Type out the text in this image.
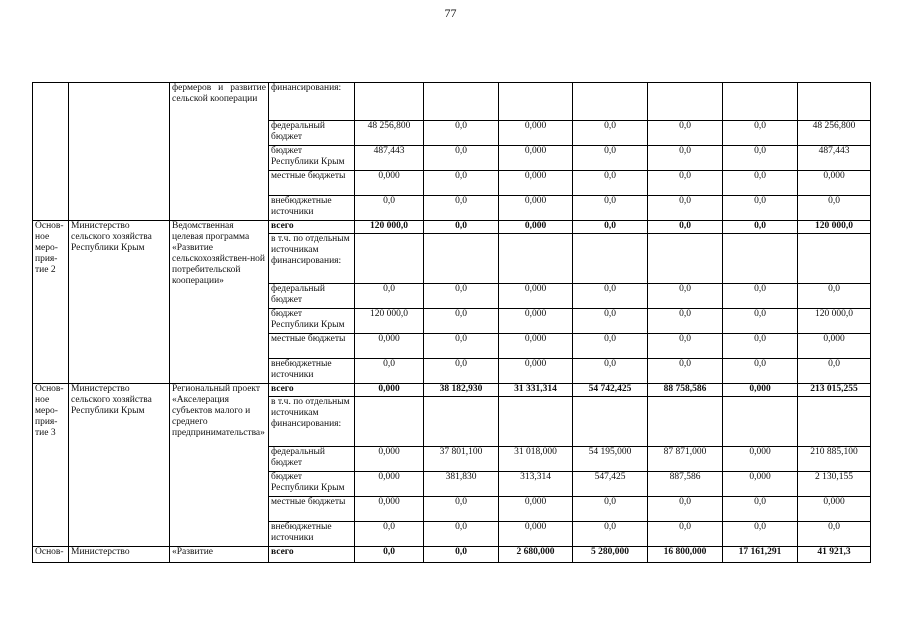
77
		фермеров и развитие сельской кооперации	финансирования:							
			федеральный бюджет	48 256,800	0,0	0,000	0,0	0,0	0,0	48 256,800
			бюджет Республики Крым	487,443	0,0	0,000	0,0	0,0	0,0	487,443
			местные бюджеты	0,000	0,0	0,000	0,0	0,0	0,0	0,000
			внебюджетные источники	0,0	0,0	0,000	0,0	0,0	0,0	0,0
Основ-ное меро-прия-тие 2	Министерство сельского хозяйства Республики Крым	Ведомственная целевая программа «Развитие сельскохозяйствен-ной потребительской кооперации»	всего	120 000,0	0,0	0,000	0,0	0,0	0,0	120 000,0
			в т.ч. по отдельным источникам финансирования:							
			федеральный бюджет	0,0	0,0	0,000	0,0	0,0	0,0	0,0
			бюджет Республики Крым	120 000,0	0,0	0,000	0,0	0,0	0,0	120 000,0
			местные бюджеты	0,000	0,0	0,000	0,0	0,0	0,0	0,000
			внебюджетные источники	0,0	0,0	0,000	0,0	0,0	0,0	0,0
Основ-ное меро-прия-тие 3	Министерство сельского хозяйства Республики Крым	Региональный проект «Акселерация субъектов малого и среднего предпринимательства»	всего	0,000	38 182,930	31 331,314	54 742,425	88 758,586	0,000	213 015,255
			в т.ч. по отдельным источникам финансирования:							
			федеральный бюджет	0,000	37 801,100	31 018,000	54 195,000	87 871,000	0,000	210 885,100
			бюджет Республики Крым	0,000	381,830	313,314	547,425	887,586	0,000	2 130,155
			местные бюджеты	0,000	0,0	0,000	0,0	0,0	0,0	0,000
			внебюджетные источники	0,0	0,0	0,000	0,0	0,0	0,0	0,0
Основ-	Министерство	«Развитие	всего	0,0	0,0	2 680,000	5 280,000	16 800,000	17 161,291	41 921,3
